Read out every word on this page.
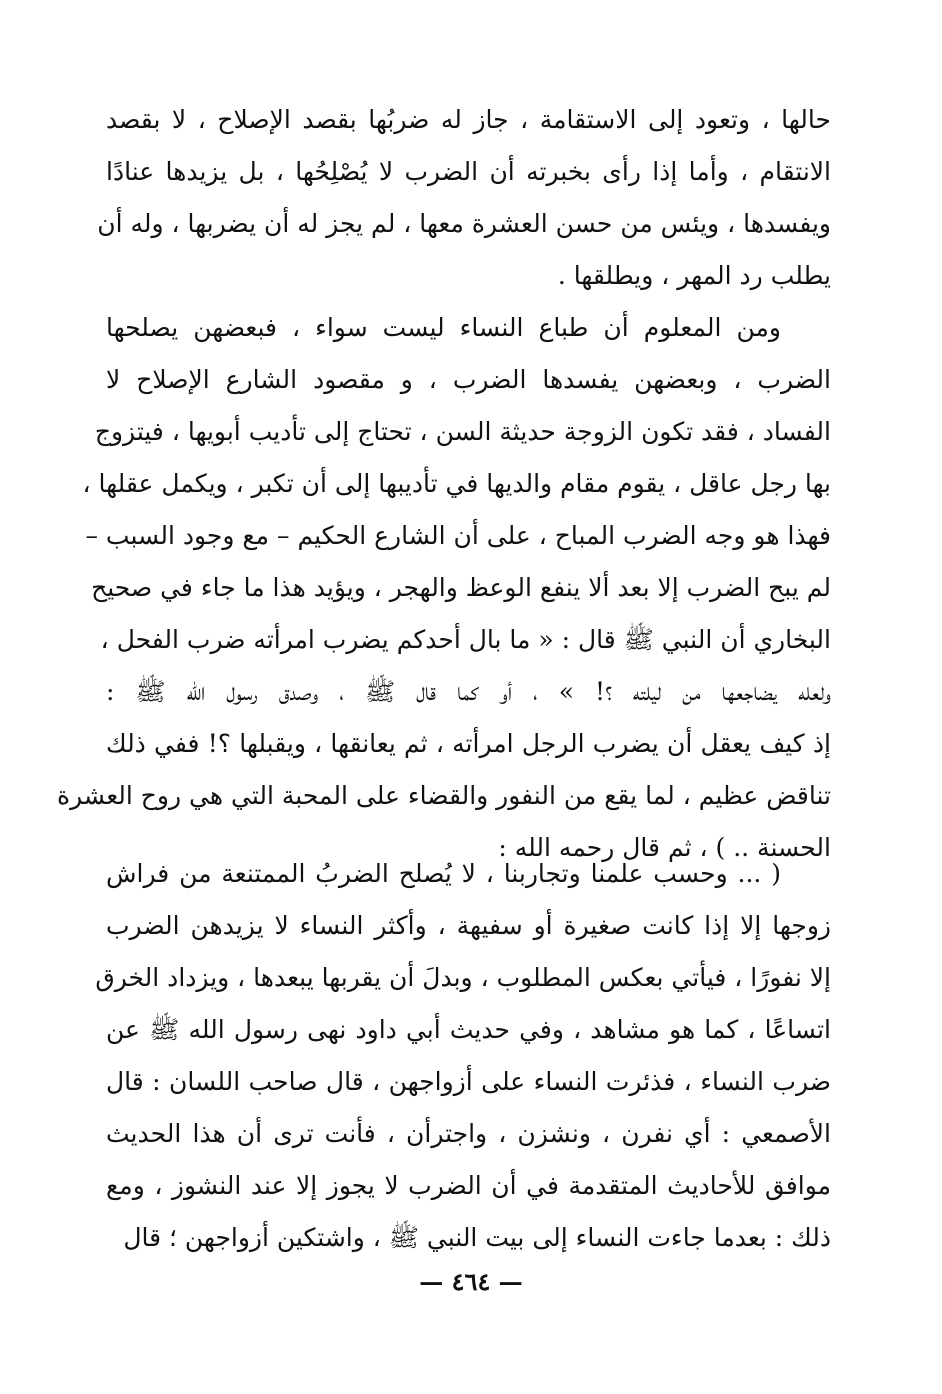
حالها ، وتعود إلى الاستقامة ، جاز له ضربُها بقصد الإصلاح ، لا بقصد
الانتقام ، وأما إذا رأى بخبرته أن الضرب لا يُصْلِحُها ، بل يزيدها عنادًا
ويفسدها ، ويئس من حسن العشرة معها ، لم يجز له أن يضربها ، وله أن
يطلب رد المهر ، ويطلقها .
ومن المعلوم أن طباع النساء ليست سواء ، فبعضهن يصلحها
الضرب ، وبعضهن يفسدها الضرب ، و مقصود الشارع الإصلاح لا
الفساد ، فقد تكون الزوجة حديثة السن ، تحتاج إلى تأديب أبويها ، فيتزوج
بها رجل عاقل ، يقوم مقام والديها في تأديبها إلى أن تكبر ، ويكمل عقلها ،
فهذا هو وجه الضرب المباح ، على أن الشارع الحكيم – مع وجود السبب –
لم يبح الضرب إلا بعد ألا ينفع الوعظ والهجر ، ويؤيد هذا ما جاء في صحيح
البخاري أن النبي ﷺ قال : « ما بال أحدكم يضرب امرأته ضرب الفحل ،
ولعله يضاجعها من ليلته ؟! » ، أو كما قال ﷺ ، وصدق رسول الله ﷺ :
إذ كيف يعقل أن يضرب الرجل امرأته ، ثم يعانقها ، ويقبلها ؟! ففي ذلك
تناقض عظيم ، لما يقع من النفور والقضاء على المحبة التي هي روح العشرة
الحسنة .. ) ، ثم قال رحمه الله :
( ... وحسب علمنا وتجاربنا ، لا يُصلح الضربُ الممتنعة من فراش
زوجها إلا إذا كانت صغيرة أو سفيهة ، وأكثر النساء لا يزيدهن الضرب
إلا نفورًا ، فيأتي بعكس المطلوب ، وبدلَ أن يقربها يبعدها ، ويزداد الخرق
اتساعًا ، كما هو مشاهد ، وفي حديث أبي داود نهى رسول الله ﷺ عن
ضرب النساء ، فذئرت النساء على أزواجهن ، قال صاحب اللسان : قال
الأصمعي : أي نفرن ، ونشزن ، واجترأن ، فأنت ترى أن هذا الحديث
موافق للأحاديث المتقدمة في أن الضرب لا يجوز إلا عند النشوز ، ومع
ذلك : بعدما جاءت النساء إلى بيت النبي ﷺ ، واشتكين أزواجهن ؛ قال
— ٤٦٤ —
